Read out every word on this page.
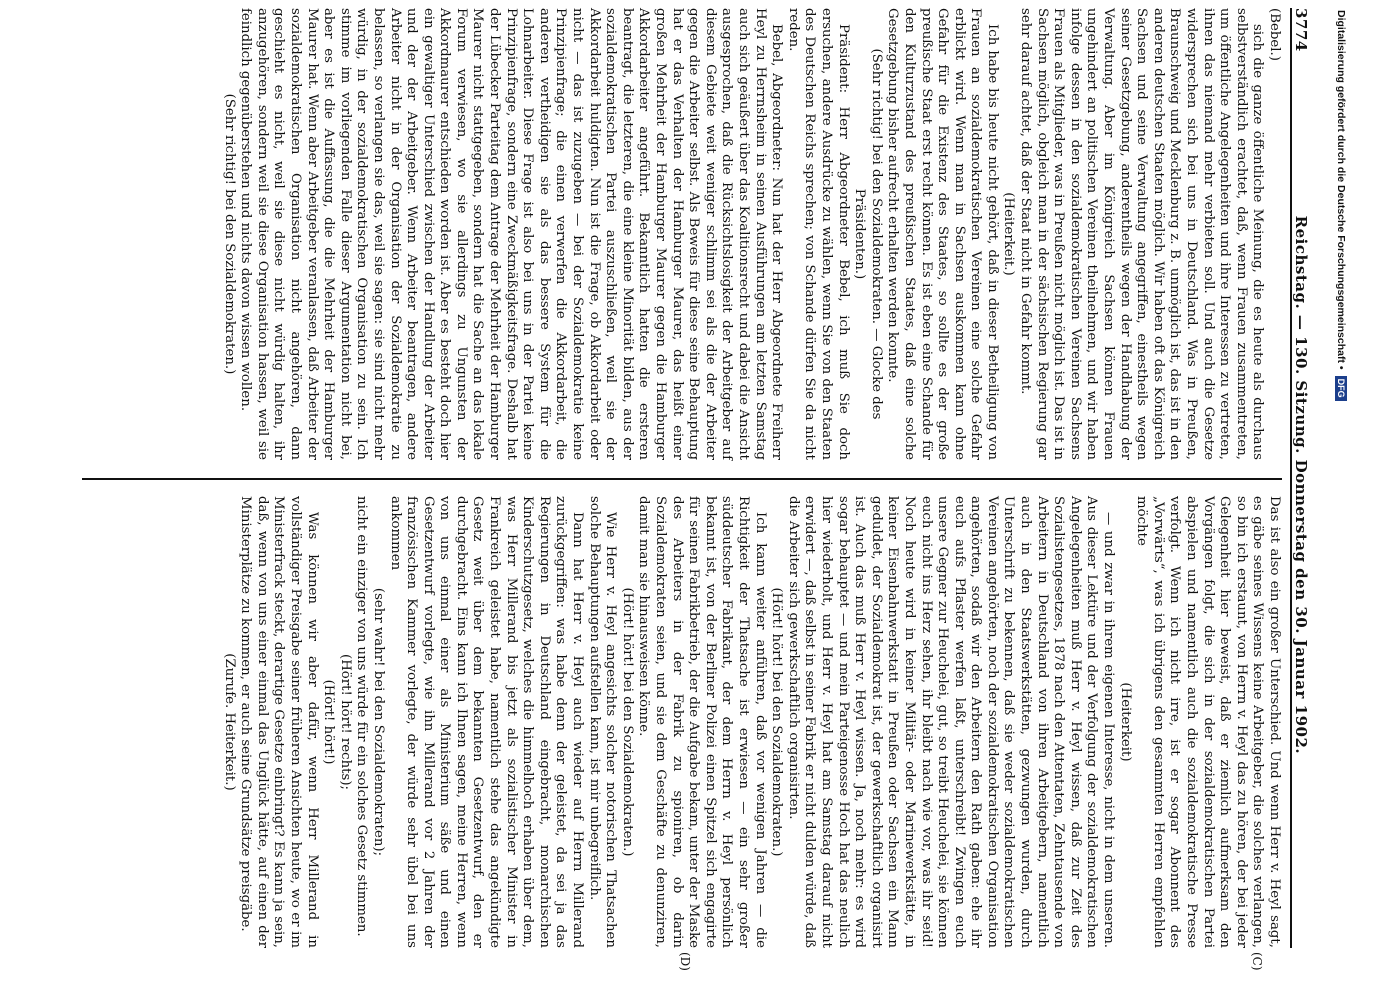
3774
Reichstag. — 130. Sitzung. Donnerstag den 30. Januar 1902.
(C)
(D)

(Bebel.)

sich die ganze öffentliche Meinung, die es heute als durchaus selbstverständlich erachtet, daß, wenn Frauen zusammentreten, um öffentliche Angelegenheiten und ihre Interessen zu vertreten, ihnen das niemand mehr verbieten soll. Und auch die Gesetze widersprechen sich bei uns in Deutschland. Was in Preußen, Braunschweig und Mecklenburg z. B. unmöglich ist, das ist in den anderen deutschen Staaten möglich. Wir haben oft das Königreich Sachsen und seine Verwaltung angegriffen, einestheils wegen seiner Gesetzgebung, anderentheils wegen der Handhabung der Verwaltung. Aber im Königreich Sachsen können Frauen ungehindert an politischen Vereinen theilnehmen, und wir haben infolge dessen in den sozialdemokratischen Vereinen Sachsens Frauen als Mitglieder, was in Preußen nicht möglich ist. Das ist in Sachsen möglich, obgleich man in der sächsischen Regierung gar sehr darauf achtet, daß der Staat nicht in Gefahr kommt.

(Heiterkeit.)

Ich habe bis heute nicht gehört, daß in dieser Betheiligung von Frauen an sozialdemokratischen Vereinen eine solche Gefahr erblickt wird. Wenn man in Sachsen auskommen kann ohne Gefahr für die Existenz des Staates, so sollte es der große preußische Staat erst recht können. Es ist eben eine Schande für den Kulturzustand des preußischen Staates, daß eine solche Gesetzgebung bisher aufrecht erhalten werden konnte.

(Sehr richtig! bei den Sozialdemokraten. — Glocke des Präsidenten.)

Präsident: Herr Abgeordneter Bebel, ich muß Sie doch ersuchen, andere Ausdrücke zu wählen, wenn Sie von den Staaten des Deutschen Reichs sprechen; von Schande dürfen Sie da nicht reden.

Bebel, Abgeordneter: Nun hat der Herr Abgeordnete Freiherr Heyl zu Herrnsheim in seinen Ausführungen am letzten Samstag auch sich geäußert über das Koalitionsrecht und dabei die Ansicht ausgesprochen, daß die Rücksichtslosigkeit der Arbeitgeber auf diesem Gebiete weit weniger schlimm sei als die der Arbeiter gegen die Arbeiter selbst. Als Beweis für diese seine Behauptung hat er das Verhalten der Hamburger Maurer, das heißt einer großen Mehrheit der Hamburger Maurer gegen die Hamburger Akkordarbeiter angeführt. Bekanntlich hatten die ersteren beantragt, die letzteren, die eine kleine Minorität bilden, aus der sozialdemokratischen Partei auszuschließen, weil sie der Akkordarbeit huldigten. Nun ist die Frage, ob Akkordarbeit oder nicht — das ist zuzugeben — bei der Sozialdemokratie keine Prinzipienfrage; die einen verwerfen die Akkordarbeit, die anderen vertheidigen sie als das bessere System für die Lohnarbeiter. Diese Frage ist also bei uns in der Partei keine Prinzipienfrage, sondern eine Zweckmäßigkeitsfrage. Deshalb hat der Lübecker Parteitag dem Antrage der Mehrheit der Hamburger Maurer nicht stattgegeben, sondern hat die Sache an das lokale Forum verwiesen, wo sie allerdings zu Ungunsten der Akkordmaurer entschieden worden ist. Aber es besteht doch hier ein gewaltiger Unterschied zwischen der Handlung der Arbeiter und der der Arbeitgeber. Wenn Arbeiter beantragen, andere Arbeiter nicht in der Organisation der Sozialdemokratie zu belassen, so verlangen sie das, weil sie sagen: sie sind nicht mehr würdig, in der sozialdemokratischen Organisation zu sein. Ich stimme im vorliegenden Falle dieser Argumentation nicht bei, aber es ist die Auffassung, die die Mehrheit der Hamburger Maurer hat. Wenn aber Arbeitgeber veranlassen, daß Arbeiter der sozialdemokratischen Organisation nicht angehören, dann geschieht es nicht, weil sie diese nicht würdig halten, ihr anzugehören, sondern weil sie diese Organisation hassen, weil sie feindlich gegenüberstehen und nichts davon wissen wollen.

(Sehr richtig! bei den Sozialdemokraten.)

Das ist also ein großer Unterschied. Und wenn Herr v. Heyl sagt, es gäbe seines Wissens keine Arbeitgeber, die solches verlangen, so bin ich erstaunt, von Herrn v. Heyl das zu hören, der bei jeder Gelegenheit hier beweist, daß er ziemlich aufmerksam den Vorgängen folgt, die sich in der sozialdemokratischen Partei abspielen und namentlich auch die sozialdemokratische Presse verfolgt. Wenn ich nicht irre, ist er sogar Abonnent des „Vorwärts“, was ich übrigens den gesammten Herren empfehlen möchte

(Heiterkeit)

— und zwar in ihrem eigenen Interesse, nicht in dem unseren. Aus dieser Lektüre und der Verfolgung der sozialdemokratischen Angelegenheiten muß Herr v. Heyl wissen, daß zur Zeit des Sozialistengesetzes, 1878 nach den Attentaten, Zehntausende von Arbeitern in Deutschland von ihren Arbeitgebern, namentlich auch in den Staatswerkstätten, gezwungen wurden, durch Unterschrift zu bekennen, daß sie weder sozialdemokratischen Vereinen angehörten, noch der sozialdemokratischen Organisation angehörten, sodaß wir den Arbeitern den Rath gaben: ehe ihr euch aufs Pflaster werfen laßt, unterschreibt! Zwingen euch unsere Gegner zur Heuchelei, gut, so treibt Heuchelei, sie können euch nicht ins Herz sehen, ihr bleibt nach wie vor, was ihr seid! Noch heute wird in keiner Militär- oder Marinewerkstätte, in keiner Eisenbahnwerkstatt in Preußen oder Sachsen ein Mann geduldet, der Sozialdemokrat ist, der gewerkschaftlich organisirt ist. Auch das muß Herr v. Heyl wissen. Ja, noch mehr: es wird sogar behauptet — und mein Parteigenosse Hoch hat das neulich hier wiederholt, und Herr v. Heyl hat am Samstag darauf nicht erwidert —, daß selbst in seiner Fabrik er nicht dulden würde, daß die Arbeiter sich gewerkschaftlich organisirten.

(Hört! hört! bei den Sozialdemokraten.)

Ich kann weiter anführen, daß vor wenigen Jahren — die Richtigkeit der Thatsache ist erwiesen — ein sehr großer süddeutscher Fabrikant, der dem Herrn v. Heyl persönlich bekannt ist, von der Berliner Polizei einen Spitzel sich engagirte für seinen Fabrikbetrieb, der die Aufgabe bekam, unter der Maske des Arbeiters in der Fabrik zu spioniren, ob darin Sozialdemokraten seien, und sie dem Geschäfte zu denunziren, damit man sie hinausweisen könne.

(Hört! hört! bei den Sozialdemokraten.)

Wie Herr v. Heyl angesichts solcher notorischen Thatsachen solche Behauptungen aufstellen kann, ist mir unbegreiflich.

Dann hat Herr v. Heyl auch wieder auf Herrn Millerand zurückgegriffen: was habe denn der geleistet, da sei ja das Regierungen in Deutschland eingebracht, monarchischen Kinderschutzgesetz, welches die himmelhoch erhaben über dem, was Herr Millerand bis jetzt als sozialistischer Minister in Frankreich geleistet habe, namentlich stehe das angekündigte Gesetz weit über dem bekannten Gesetzentwurf, den er durchgebracht. Eins kann ich Ihnen sagen, meine Herren, wenn von uns einmal einer als Ministerium säße und einen Gesetzentwurf vorlegte, wie ihn Millerand vor 2 Jahren der französischen Kammer vorlegte, der würde sehr übel bei uns ankommen

(sehr wahr! bei den Sozialdemokraten);

nicht ein einziger von uns würde für ein solches Gesetz stimmen.

(Hört! hört! rechts);

(Hört! hört!)

Was können wir aber dafür, wenn Herr Millerand in vollständiger Preisgabe seiner früheren Ansichten heute, wo er im Ministerfrack steckt, derartige Gesetze einbringt? Es kann ja sein, daß, wenn von uns einer einmal das Unglück hätte, auf einen der Ministerplätze zu kommen, er auch seine Grundsätze preisgäbe.

(Zurufe. Heiterkeit.)

Digitalisierung gefördert durch die Deutsche Forschungsgemeinschaft •
DFG
